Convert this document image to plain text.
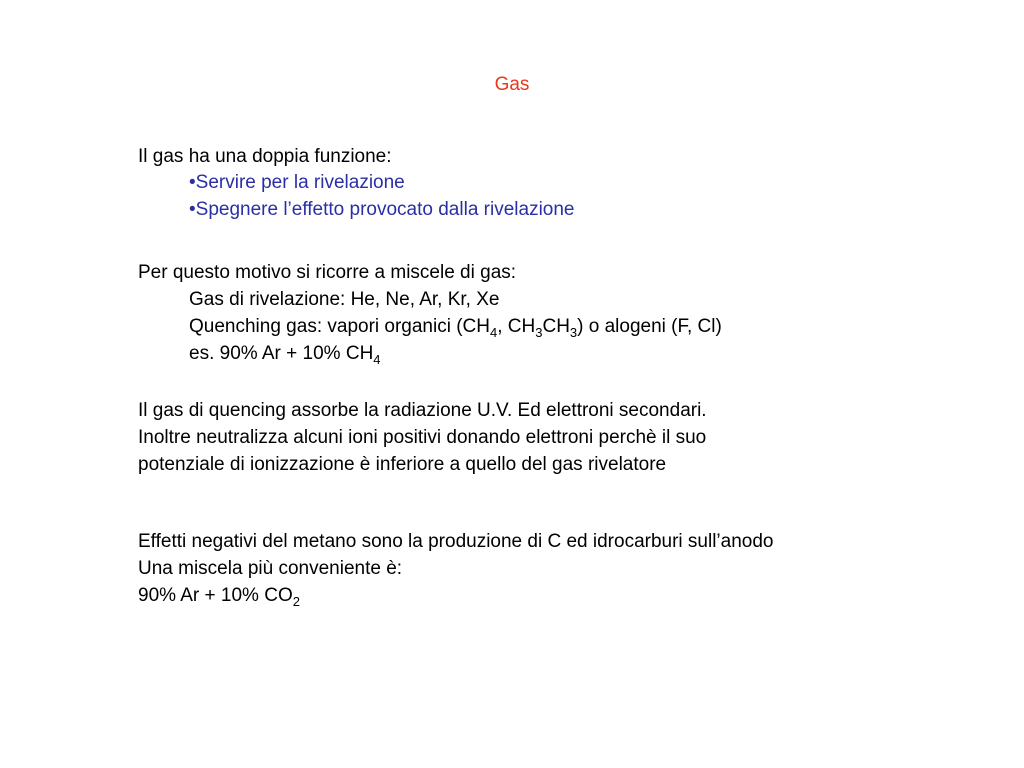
Gas
Il gas ha una doppia funzione:
•Servire per la rivelazione
•Spegnere l’effetto provocato dalla rivelazione
Per questo motivo si ricorre a miscele di gas:
Gas di rivelazione: He, Ne, Ar, Kr, Xe
Quenching gas: vapori organici ($CH_4$, $CH_3CH_3$) o alogeni (F, Cl)
es. 90% Ar + 10% $CH_4$
Il gas di quencing assorbe la radiazione U.V. Ed elettroni secondari.
Inoltre neutralizza alcuni ioni positivi donando elettroni perchè il suo
potenziale di ionizzazione è inferiore a quello del gas rivelatore
Effetti negativi del metano sono la produzione di C ed idrocarburi sull’anodo
Una miscela più conveniente è:
90% Ar + 10% $CO_2$
